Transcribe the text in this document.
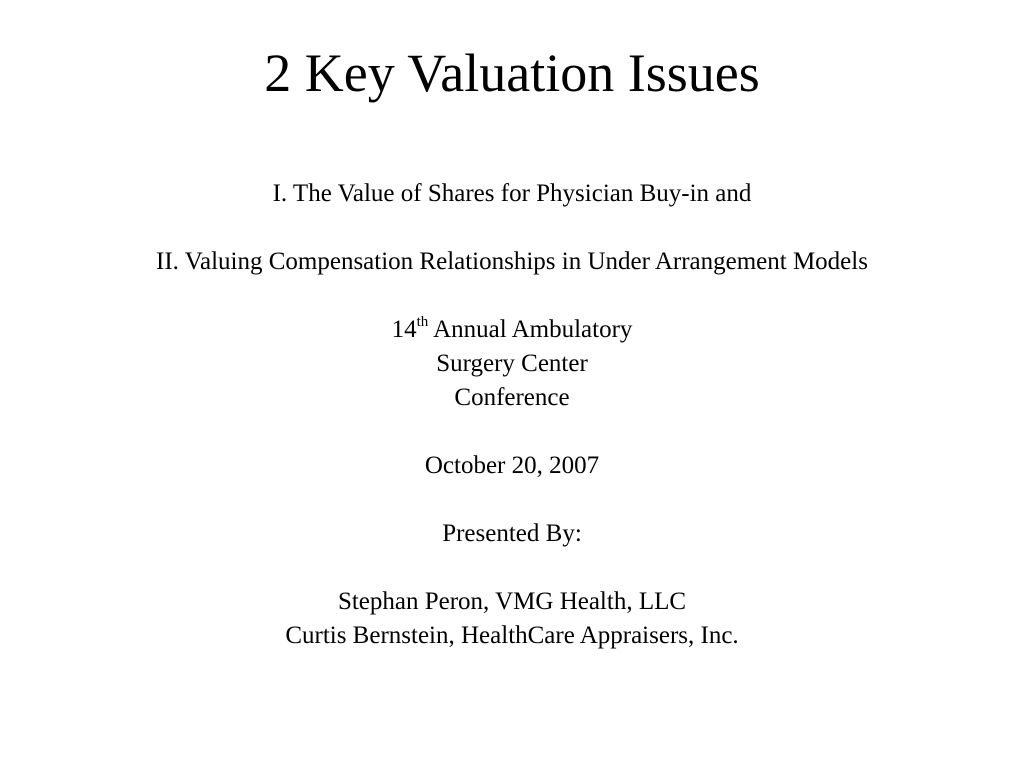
2 Key Valuation Issues

I. The Value of Shares for Physician Buy-in and

II. Valuing Compensation Relationships in Under Arrangement Models

14th Annual Ambulatory

Surgery Center

Conference

October 20, 2007

Presented By:

Stephan Peron, VMG Health, LLC

Curtis Bernstein, HealthCare Appraisers, Inc.
